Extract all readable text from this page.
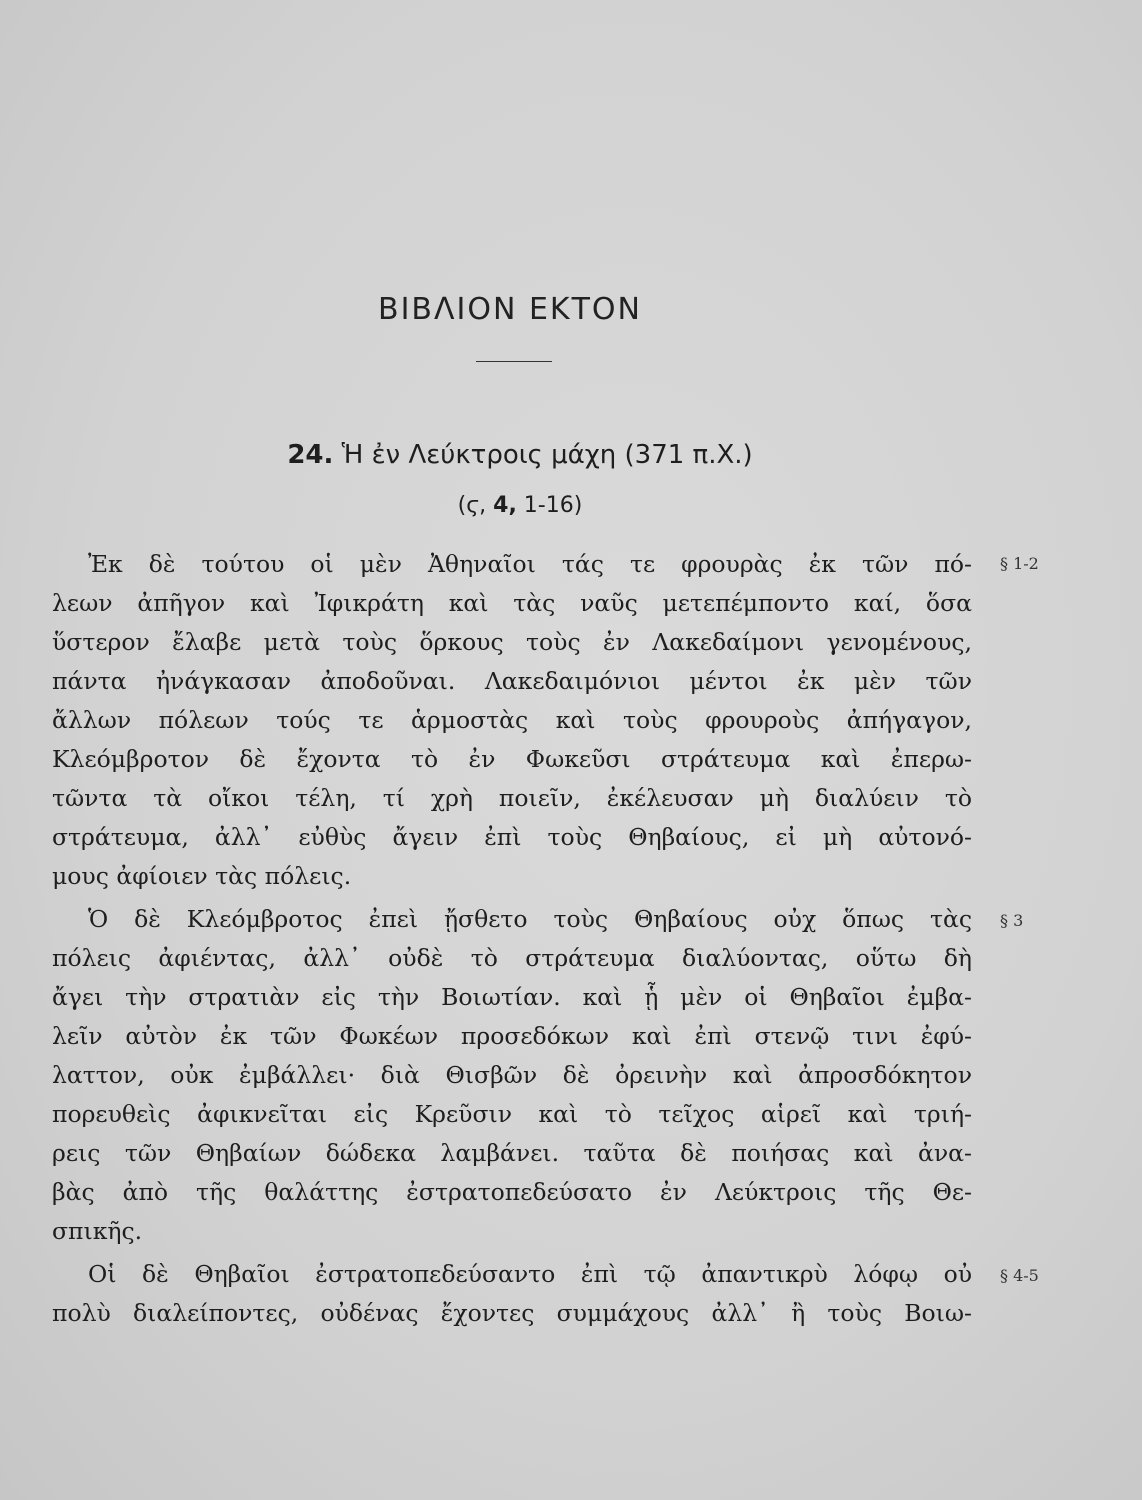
ΒΙΒΛΙΟΝ ΕΚΤΟΝ
24. Ἡ ἐν Λεύκτροις μάχη (371 π.Χ.)
(ϛ, 4, 1-16)
Ἐκ δὲ τούτου οἱ μὲν Ἀθηναῖοι τάς τε φρουρὰς ἐκ τῶν πό-
λεων ἀπῆγον καὶ Ἰφικράτη καὶ τὰς ναῦς μετεπέμποντο καί, ὅσα
ὕστερον ἔλαβε μετὰ τοὺς ὅρκους τοὺς ἐν Λακεδαίμονι γενομένους,
πάντα ἠνάγκασαν ἀποδοῦναι. Λακεδαιμόνιοι μέντοι ἐκ μὲν τῶν
ἄλλων πόλεων τούς τε ἁρμοστὰς καὶ τοὺς φρουροὺς ἀπήγαγον,
Κλεόμβροτον δὲ ἔχοντα τὸ ἐν Φωκεῦσι στράτευμα καὶ ἐπερω-
τῶντα τὰ οἴκοι τέλη, τί χρὴ ποιεῖν, ἐκέλευσαν μὴ διαλύειν τὸ
στράτευμα, ἀλλ᾽ εὐθὺς ἄγειν ἐπὶ τοὺς Θηβαίους, εἰ μὴ αὐτονό-
μους ἀφίοιεν τὰς πόλεις.
Ὁ δὲ Κλεόμβροτος ἐπεὶ ᾔσθετο τοὺς Θηβαίους οὐχ ὅπως τὰς
πόλεις ἀφιέντας, ἀλλ᾽ οὐδὲ τὸ στράτευμα διαλύοντας, οὕτω δὴ
ἄγει τὴν στρατιὰν εἰς τὴν Βοιωτίαν. καὶ ᾗ μὲν οἱ Θηβαῖοι ἐμβα-
λεῖν αὐτὸν ἐκ τῶν Φωκέων προσεδόκων καὶ ἐπὶ στενῷ τινι ἐφύ-
λαττον, οὐκ ἐμβάλλει· διὰ Θισβῶν δὲ ὀρεινὴν καὶ ἀπροσδόκητον
πορευθεὶς ἀφικνεῖται εἰς Κρεῦσιν καὶ τὸ τεῖχος αἱρεῖ καὶ τριή-
ρεις τῶν Θηβαίων δώδεκα λαμβάνει. ταῦτα δὲ ποιήσας καὶ ἀνα-
βὰς ἀπὸ τῆς θαλάττης ἐστρατοπεδεύσατο ἐν Λεύκτροις τῆς Θε-
σπικῆς.
Οἱ δὲ Θηβαῖοι ἐστρατοπεδεύσαντο ἐπὶ τῷ ἀπαντικρὺ λόφῳ οὐ
πολὺ διαλείποντες, οὐδένας ἔχοντες συμμάχους ἀλλ᾽ ἢ τοὺς Βοιω-
§ 1-2
§ 3
§ 4-5
